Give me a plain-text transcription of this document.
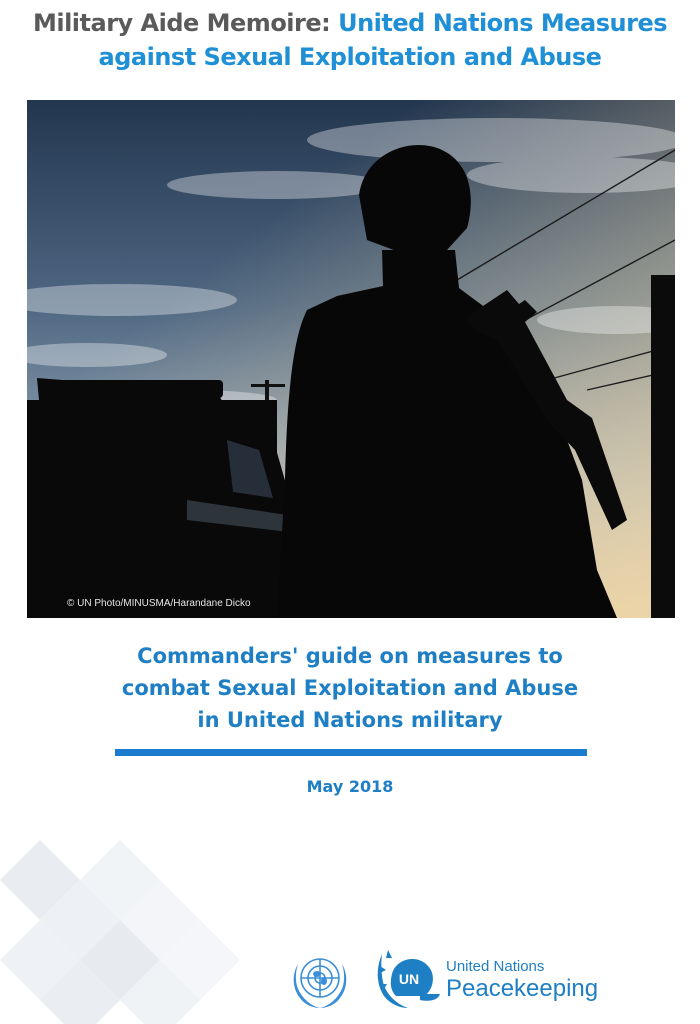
Military Aide Memoire: United Nations Measures
against Sexual Exploitation and Abuse
© UN Photo/MINUSMA/Harandane Dicko
Commanders' guide on measures to
combat Sexual Exploitation and Abuse
in United Nations military
May 2018
UN
United Nations
Peacekeeping
